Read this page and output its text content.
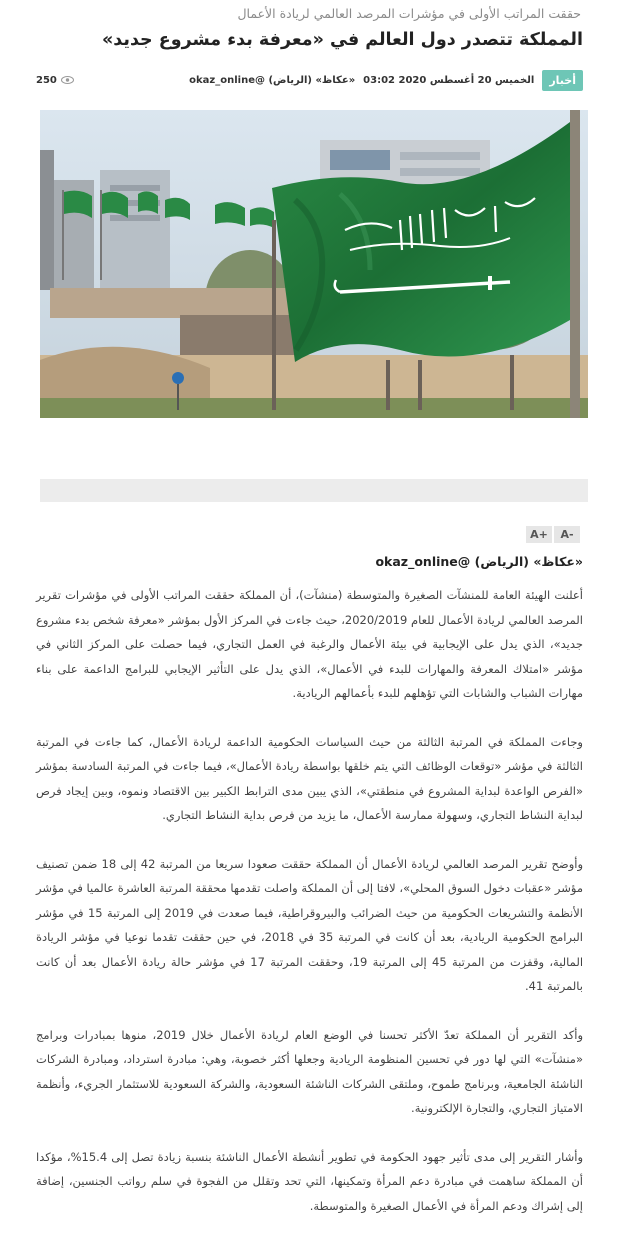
حققت المراتب الأولى في مؤشرات المرصد العالمي لريادة الأعمال
المملكة تتصدر دول العالم في «معرفة بدء مشروع جديد»
أخبار
الخميس 20 أغسطس 2020 03:02
«عكاظ» (الرياض) @okaz_online
250
A+	A-
«عكاظ» (الرياض) @okaz_online

أعلنت الهيئة العامة للمنشآت الصغيرة والمتوسطة (منشآت)، أن المملكة حققت المراتب الأولى في مؤشرات تقرير المرصد العالمي لريادة الأعمال للعام 2020/2019، حيث جاءت في المركز الأول بمؤشر «معرفة شخص بدء مشروع جديد»، الذي يدل على الإيجابية في بيئة الأعمال والرغبة في العمل التجاري، فيما حصلت على المركز الثاني في مؤشر «امتلاك المعرفة والمهارات للبدء في الأعمال»، الذي يدل على التأثير الإيجابي للبرامج الداعمة على بناء مهارات الشباب والشابات التي تؤهلهم للبدء بأعمالهم الريادية.

وجاءت المملكة في المرتبة الثالثة من حيث السياسات الحكومية الداعمة لريادة الأعمال، كما جاءت في المرتبة الثالثة في مؤشر «توقعات الوظائف التي يتم خلقها بواسطة ريادة الأعمال»، فيما جاءت في المرتبة السادسة بمؤشر «الفرص الواعدة لبداية المشروع في منطقتي»، الذي يبين مدى الترابط الكبير بين الاقتصاد ونموه، وبين إيجاد فرص لبداية النشاط التجاري، وسهولة ممارسة الأعمال، ما يزيد من فرص بداية النشاط التجاري.

وأوضح تقرير المرصد العالمي لريادة الأعمال أن المملكة حققت صعودا سريعا من المرتبة 42 إلى 18 ضمن تصنيف مؤشر «عقبات دخول السوق المحلي»، لافتا إلى أن المملكة واصلت تقدمها محققة المرتبة العاشرة عالميا في مؤشر الأنظمة والتشريعات الحكومية من حيث الضرائب والبيروقراطية، فيما صعدت في 2019 إلى المرتبة 15 في مؤشر البرامج الحكومية الريادية، بعد أن كانت في المرتبة 35 في 2018، في حين حققت تقدما نوعيا في مؤشر الريادة المالية، وقفزت من المرتبة 45 إلى المرتبة 19، وحققت المرتبة 17 في مؤشر حالة ريادة الأعمال بعد أن كانت بالمرتبة 41.

وأكد التقرير أن المملكة تعدّ الأكثر تحسنا في الوضع العام لريادة الأعمال خلال 2019، منوها بمبادرات وبرامج «منشآت» التي لها دور في تحسين المنظومة الريادية وجعلها أكثر خصوبة، وهي: مبادرة استرداد، ومبادرة الشركات الناشئة الجامعية، وبرنامج طموح، وملتقى الشركات الناشئة السعودية، والشركة السعودية للاستثمار الجريء، وأنظمة الامتياز التجاري، والتجارة الإلكترونية.

وأشار التقرير إلى مدى تأثير جهود الحكومة في تطوير أنشطة الأعمال الناشئة بنسبة زيادة تصل إلى 15.4%، مؤكدا أن المملكة ساهمت في مبادرة دعم المرأة وتمكينها، التي تحد وتقلل من الفجوة في سلم رواتب الجنسين، إضافة إلى إشراك ودعم المرأة في الأعمال الصغيرة والمتوسطة.
